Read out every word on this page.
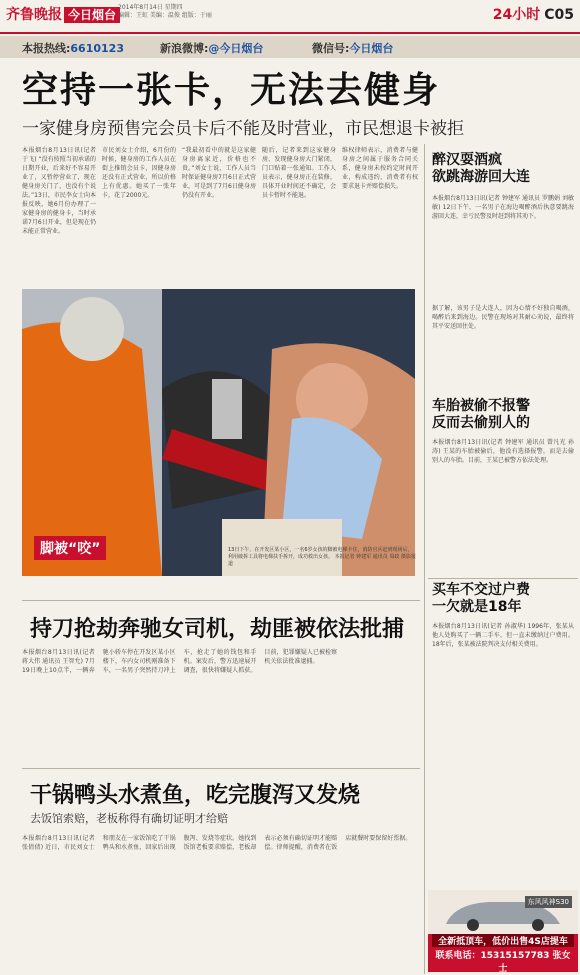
齐鲁晚报 今日烟台
2014年8月14日 星期四
编辑：王虹 美编：温俊 组版：于丽	24小时 C05
本报热线:6610123	新浪微博:@今日烟台	微信号:今日烟台
空持一张卡，无法去健身
一家健身房预售完会员卡后不能及时营业，市民想退卡被拒

本报烟台8月13日讯(记者 于飞) “没有按照当初承诺的日期开业，后来好不容易开业了，又暂停营业了，现在健身房关门了，也没有个说法。”13日，市民李女士向本报反映，她6月份办理了一家健身房的健身卡，当时承诺7月6日开业，但是现在仍未能正常营业。

市民刘女士介绍，6月份的时候，健身房的工作人员在街上推销会员卡，因健身房还没有正式营业，所以价格上有优惠。她买了一张年卡，花了2000元。

“我最初看中的就是这家健身房离家近，价格也不贵。”刘女士说，工作人员当时保证健身房7月6日正式营业，可是到了7月6日健身房仍没有开业。

随后，记者来到这家健身房，发现健身房大门紧闭，门口贴着一张通知。工作人员表示，健身房正在装修，具体开业时间还不确定，会员卡暂时不能退。

维权律师表示，消费者与健身房之间属于服务合同关系，健身房未按约定时间开业，构成违约，消费者有权要求退卡并赔偿损失。

脚被“咬”	13日下午，在开发区某小区，一名6岁女孩的脚被电梯卡住，消防官兵赶到现场后，利用破拆工具将电梯扶手拆开，成功救出女孩。 本报记者 钟建军 通讯员 周政 摄影报道
醉汉耍酒疯
欲跳海游回大连

本报烟台8月13日讯(记者 钟建军 通讯员 罗鹏娟 刘敏敏) 12日下午，一名男子在海边喝醉酒后执意要跳海游回大连，幸亏民警及时赶到将其劝下。

据了解，该男子是大连人，因为心情不好独自喝酒，喝醉后来到海边。民警在现场对其耐心劝说，最终将其平安送回住处。

车胎被偷不报警
反而去偷别人的

本报烟台8月13日讯(记者 钟建军 通讯员 曾凡光 孙涛) 王某的车胎被偷后，他没有选择报警，而是去偷别人的车胎。目前，王某已被警方依法处理。

买车不交过户费
一欠就是18年

本报烟台8月13日讯(记者 孙淑华) 1996年，张某从他人处购买了一辆二手车，但一直未缴纳过户费用。18年后，张某被法院判决支付相关费用。

持刀抢劫奔驰女司机，劫匪被依法批捕

本报烟台8月13日讯(记者 蒋大伟 通讯员 王智允) 7月19日晚上10点半，一辆奔驰小轿车停在开发区某小区楼下，车内女司机刚准备下车，一名男子突然持刀冲上车，抢走了她的钱包和手机。案发后，警方迅速展开调查，很快将嫌疑人抓获。目前，犯罪嫌疑人已被检察机关依法批准逮捕。

干锅鸭头水煮鱼，吃完腹泻又发烧
去饭馆索赔，老板称得有确切证明才给赔

本报烟台8月13日讯(记者 张倩倩) 近日，市民刘女士和朋友在一家饭馆吃了干锅鸭头和水煮鱼，回家后出现腹泻、发烧等症状。她找到饭馆老板要求赔偿，老板却表示必须有确切证明才能赔偿。律师提醒，消费者在饭店就餐时要保留好票据。

东风风神S30
全新抵顶车，低价出售4S店提车
联系电话：15315157783 张女士
